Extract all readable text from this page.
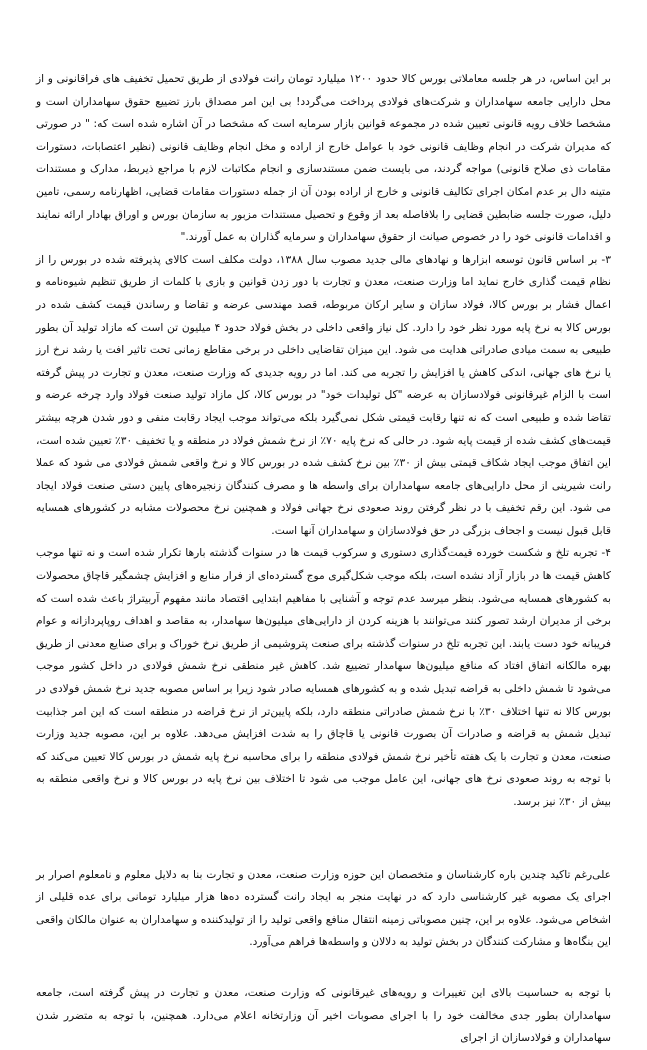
بر این اساس، در هر جلسه معاملاتی بورس کالا حدود ۱۲۰۰ میلیارد تومان رانت فولادی از طریق تحمیل تخفیف های فراقانونی و از محل دارایی جامعه سهامداران و شرکت‌های فولادی پرداخت می‌گردد! بی این امر مصداق بارز تضییع حقوق سهامداران است و مشخصا خلاف رویه قانونی تعیین شده در مجموعه قوانین بازار سرمایه است که مشخصا در آن اشاره شده است که: " در صورتی که مدیران شرکت در انجام وظایف قانونی خود با عوامل خارج از اراده و مخل انجام وظایف قانونی (نظیر اعتصابات، دستورات مقامات ذی صلاح قانونی) مواجه گردند، می بایست ضمن مستندسازی و انجام مکاتبات لازم با مراجع ذیربط، مدارک و مستندات متینه دال بر عدم امکان اجرای تکالیف قانونی و خارج از اراده بودن آن از جمله دستورات مقامات قضایی، اظهارنامه رسمی، تامین دلیل، صورت جلسه ضابطین قضایی را بلافاصله بعد از وقوع و تحصیل مستندات مزبور به سازمان بورس و اوراق بهادار ارائه نمایند و اقدامات قانونی خود را در خصوص صیانت از حقوق سهامداران و سرمایه گذاران به عمل آورند."

۳- بر اساس قانون توسعه ابزارها و نهادهای مالی جدید مصوب سال ۱۳۸۸، دولت مکلف است کالای پذیرفته شده در بورس را از نظام قیمت گذاری خارج نماید اما وزارت صنعت، معدن و تجارت با دور زدن قوانین و بازی با کلمات از طریق تنظیم شیوه‌نامه و اعمال فشار بر بورس کالا، فولاد سازان و سایر ارکان مربوطه، قصد مهندسی عرضه و تقاضا و رساندن قیمت کشف شده در بورس کالا به نرخ پایه مورد نظر خود را دارد. کل نیاز واقعی داخلی در بخش فولاد حدود ۴ میلیون تن است که مازاد تولید آن بطور طبیعی به سمت میادی صادراتی هدایت می شود. این میزان تقاضایی داخلی در برخی مقاطع زمانی تحت تاثیر افت یا رشد نرخ ارز یا نرخ های جهانی، اندکی کاهش یا افزایش را تجربه می کند. اما در رویه جدیدی که وزارت صنعت، معدن و تجارت در پیش گرفته است با الزام غیرقانونی فولادسازان به عرضه "کل تولیدات خود" در بورس کالا، کل مازاد تولید صنعت فولاد وارد چرخه عرضه و تقاضا شده و طبیعی است که نه تنها رقابت قیمتی شکل نمی‌گیرد بلکه می‌تواند موجب ایجاد رقابت منفی و دور شدن هرچه بیشتر قیمت‌های کشف شده از قیمت پایه شود. در حالی که نرخ پایه ۷۰٪ از نرخ شمش فولاد در منطقه و یا تخفیف ۳۰٪ تعیین شده است، این اتفاق موجب ایجاد شکاف قیمتی بیش از ۳۰٪ بین نرخ کشف شده در بورس کالا و نرخ واقعی شمش فولادی می شود که عملا رانت شیرینی از محل دارایی‌های جامعه سهامداران برای واسطه ها و مصرف کنندگان زنجیره‌های پایین دستی صنعت فولاد ایجاد می شود. این رقم تخفیف با در نظر گرفتن روند صعودی نرخ جهانی فولاد و همچنین نرخ محصولات مشابه در کشورهای همسایه قابل قبول نیست و اجحاف بزرگی در حق فولادسازان و سهامداران آنها است.

۴- تجربه تلخ و شکست خورده قیمت‌گذاری دستوری و سرکوب قیمت ها در سنوات گذشته بارها تکرار شده است و نه تنها موجب کاهش قیمت ها در بازار آزاد نشده است، بلکه موجب شکل‌گیری موج گسترده‌ای از فرار منابع و افزایش چشمگیر قاچاق محصولات به کشورهای همسایه می‌شود. بنظر میرسد عدم توجه و آشنایی با مفاهیم ابتدایی اقتصاد مانند مفهوم آربیتراژ باعث شده است که برخی از مدیران ارشد تصور کنند می‌توانند با هزینه کردن از دارایی‌های میلیون‌ها سهامدار، به مقاصد و اهداف روپاپردازانه و عوام فریبانه خود دست یابند. این تجربه تلخ در سنوات گذشته برای صنعت پتروشیمی از طریق نرخ خوراک و برای صنایع معدنی از طریق بهره مالکانه اتفاق افتاد که منافع میلیون‌ها سهامدار تضییع شد. کاهش غیر منطقی نرخ شمش فولادی در داخل کشور موجب می‌شود تا شمش داخلی به قراضه تبدیل شده و به کشورهای همسایه صادر شود زیرا بر اساس مصوبه جدید نرخ شمش فولادی در بورس کالا نه تنها اختلاف ۳۰٪ با نرخ شمش صادراتی منطقه دارد، بلکه پایین‌تر از نرخ قراضه در منطقه است که این امر جذابیت تبدیل شمش به قراضه و صادرات آن بصورت قانونی یا قاچاق را به شدت افزایش می‌دهد. علاوه بر این، مصوبه جدید وزارت صنعت، معدن و تجارت با یک هفته تأخیر نرخ شمش فولادی منطقه را برای محاسبه نرخ پایه شمش در بورس کالا تعیین می‌کند که با توجه به روند صعودی نرخ های جهانی، این عامل موجب می شود تا اختلاف بین نرخ پایه در بورس کالا و نرخ واقعی منطقه به بیش از ۳۰٪ نیز برسد.

علی‌رغم تاکید چندین باره کارشناسان و متخصصان این حوزه وزارت صنعت، معدن و تجارت بنا به دلایل معلوم و نامعلوم اصرار بر اجرای یک مصوبه غیر کارشناسی دارد که در نهایت منجر به ایجاد رانت گسترده ده‌ها هزار میلیارد تومانی برای عده قلیلی از اشخاص می‌شود. علاوه بر این، چنین مصوباتی زمینه انتقال منافع واقعی تولید را از تولیدکننده و سهامداران به عنوان مالکان واقعی این بنگاه‌ها و مشارکت کنندگان در بخش تولید به دلالان و واسطه‌ها فراهم می‌آورد.

با توجه به حساسیت بالای این تغییرات و رویه‌های غیرقانونی که وزارت صنعت، معدن و تجارت در پیش گرفته است، جامعه سهامداران بطور جدی مخالفت خود را با اجرای مصوبات اخیر آن وزارتخانه اعلام می‌دارد. همچنین، با توجه به متضرر شدن سهامداران و فولادسازان از اجرای
